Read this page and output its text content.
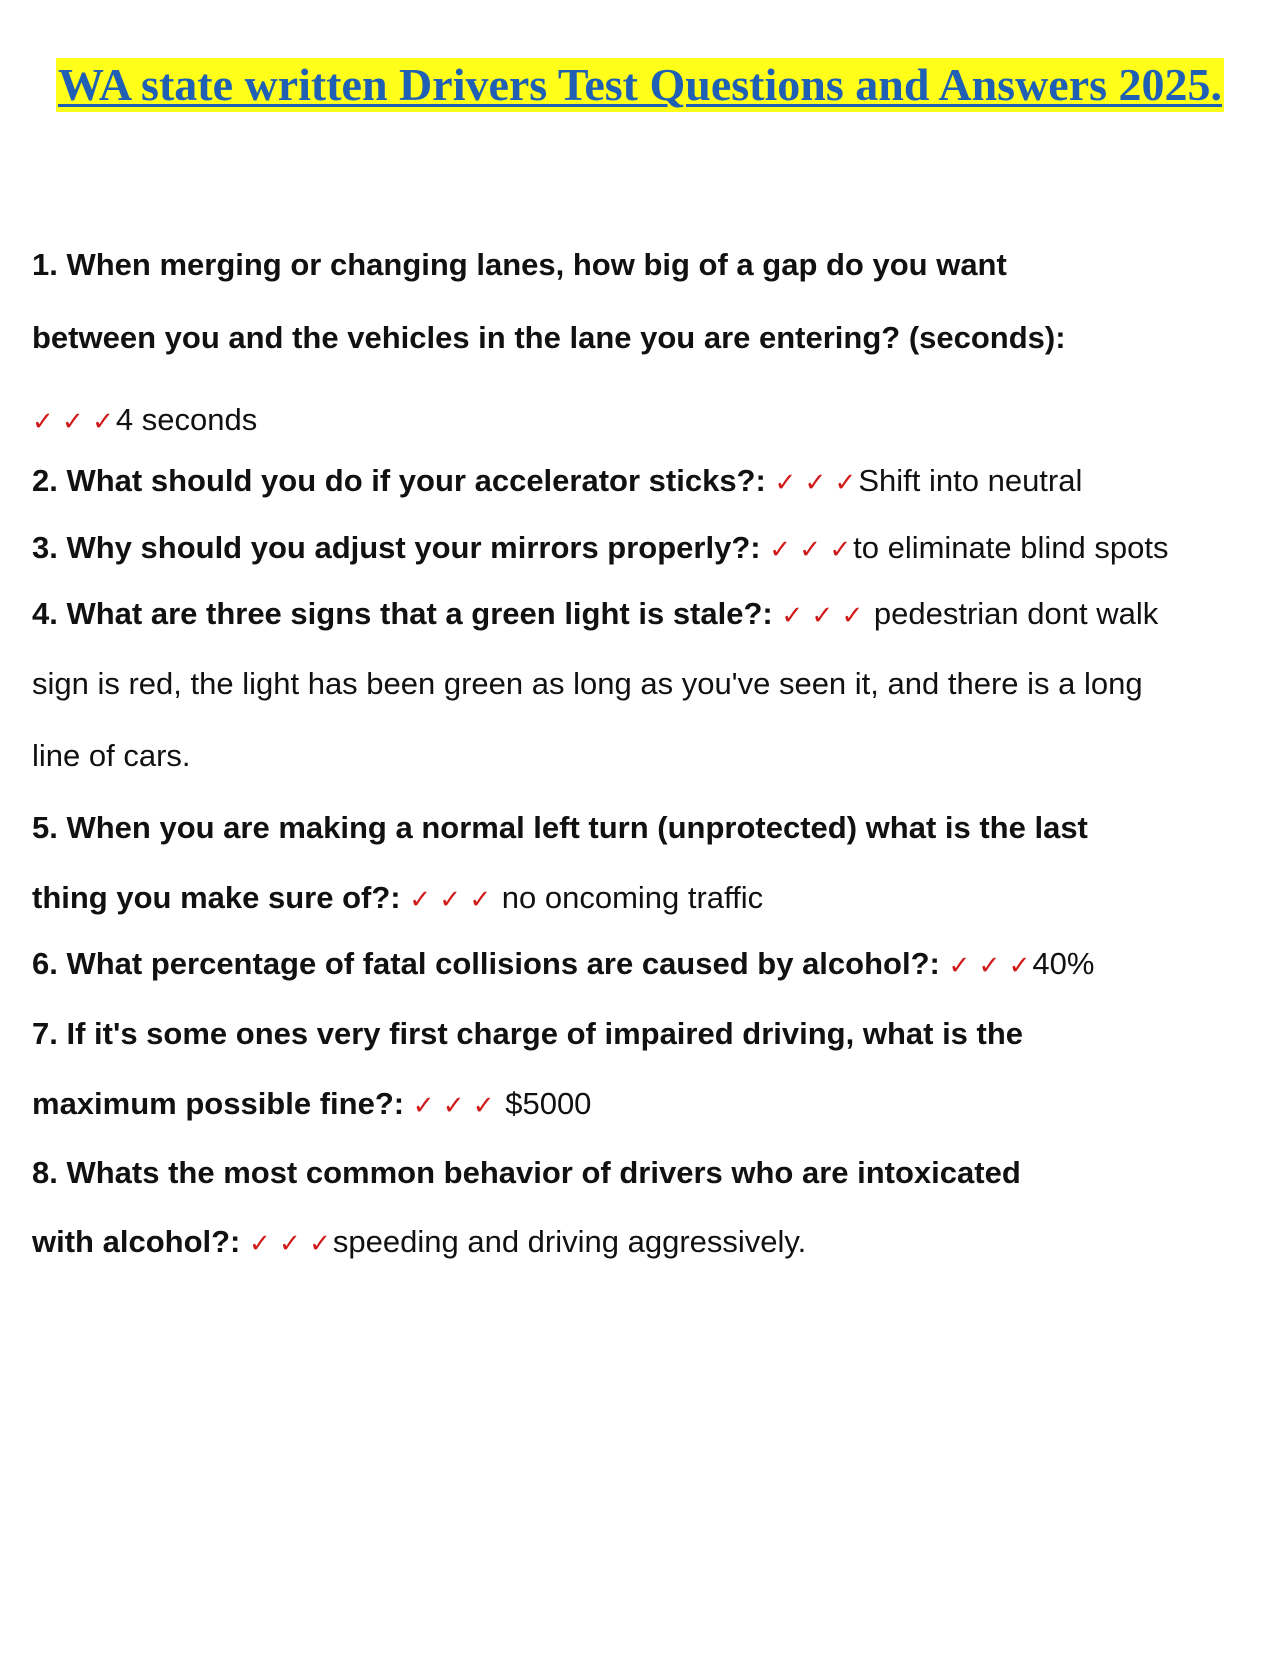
WA state written Drivers Test Questions and Answers 2025.
1. When merging or changing lanes, how big of a gap do you want
between you and the vehicles in the lane you are entering? (seconds):
✓ ✓ ✓4 seconds
2. What should you do if your accelerator sticks?: ✓ ✓ ✓Shift into neutral
3. Why should you adjust your mirrors properly?: ✓ ✓ ✓to eliminate blind spots
4. What are three signs that a green light is stale?: ✓ ✓ ✓ pedestrian dont walk
sign is red, the light has been green as long as you've seen it, and there is a long
line of cars.
5. When you are making a normal left turn (unprotected) what is the last
thing you make sure of?: ✓ ✓ ✓ no oncoming traffic
6. What percentage of fatal collisions are caused by alcohol?: ✓ ✓ ✓40%
7. If it's some ones very first charge of impaired driving, what is the
maximum possible fine?: ✓ ✓ ✓ $5000
8. Whats the most common behavior of drivers who are intoxicated
with alcohol?: ✓ ✓ ✓speeding and driving aggressively.
